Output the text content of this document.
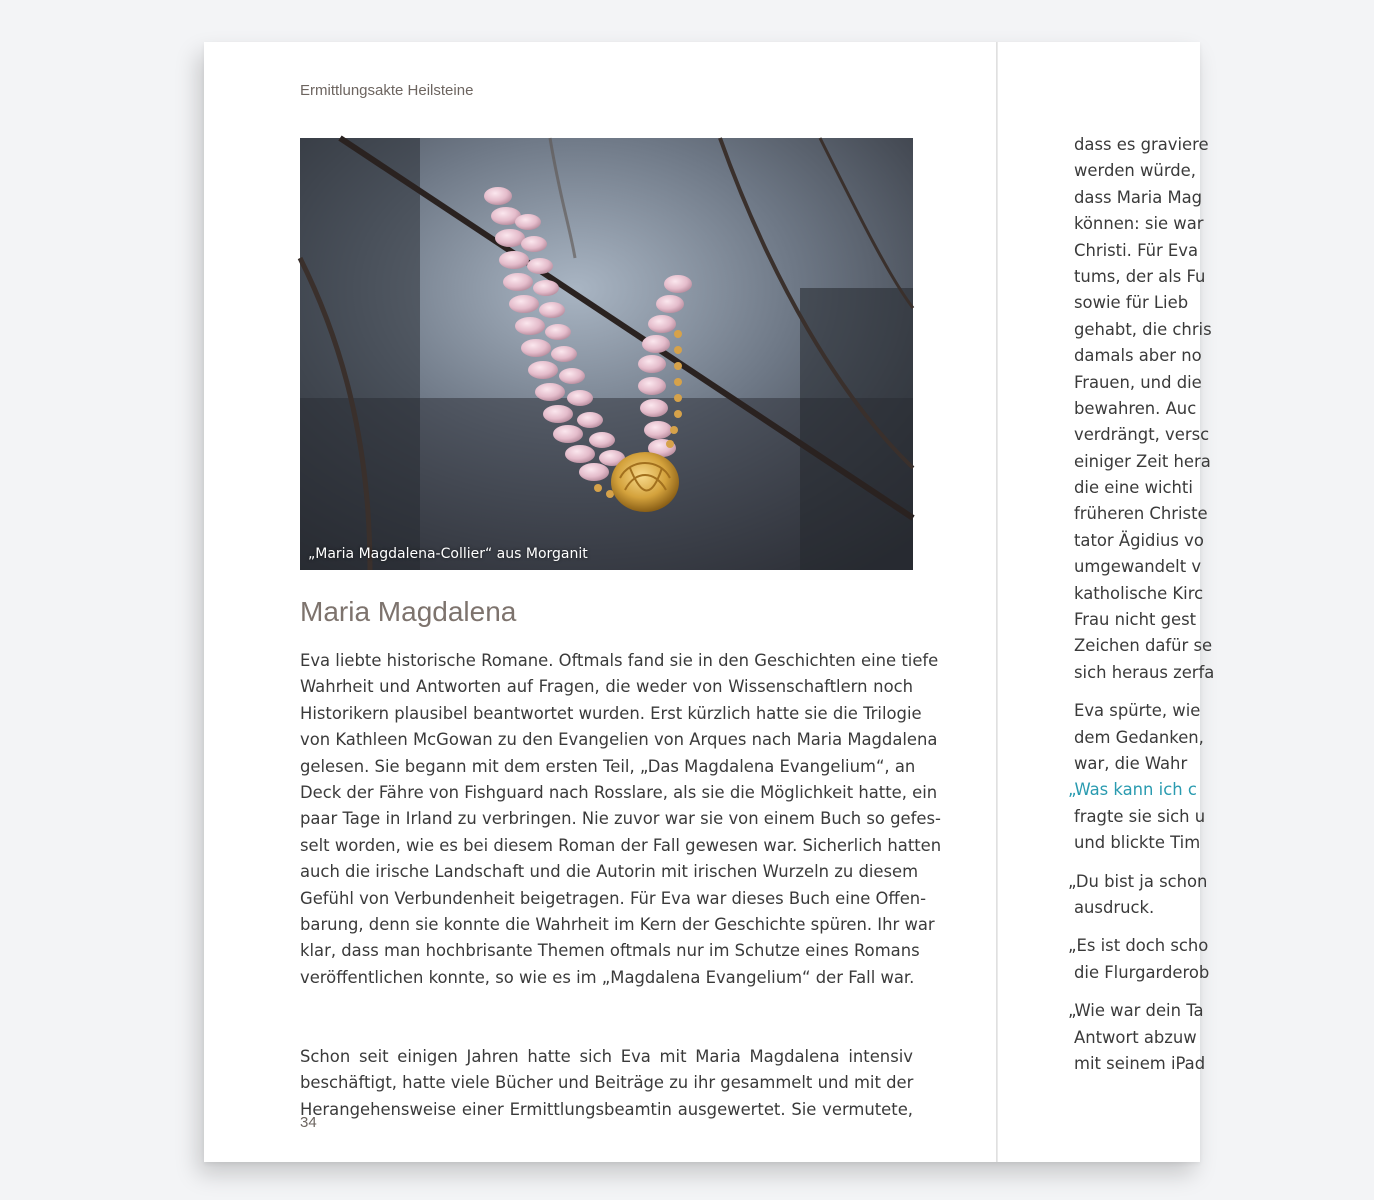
Ermittlungsakte Heilsteine
„Maria Magdalena-Collier“ aus Morganit
Maria Magdalena
Eva liebte historische Romane. Oftmals fand sie in den Geschichten eine tiefe
Wahrheit und Antworten auf Fragen, die weder von Wissenschaftlern noch
Historikern plausibel beantwortet wurden. Erst kürzlich hatte sie die Trilogie
von Kathleen McGowan zu den Evangelien von Arques nach Maria Magdalena
gelesen. Sie begann mit dem ersten Teil, „Das Magdalena Evangelium“, an
Deck der Fähre von Fishguard nach Rosslare, als sie die Möglichkeit hatte, ein
paar Tage in Irland zu verbringen. Nie zuvor war sie von einem Buch so gefes-
selt worden, wie es bei diesem Roman der Fall gewesen war. Sicherlich hatten
auch die irische Landschaft und die Autorin mit irischen Wurzeln zu diesem
Gefühl von Verbundenheit beigetragen. Für Eva war dieses Buch eine Offen-
barung, denn sie konnte die Wahrheit im Kern der Geschichte spüren. Ihr war
klar, dass man hochbrisante Themen oftmals nur im Schutze eines Romans
veröffentlichen konnte, so wie es im „Magdalena Evangelium“ der Fall war.
Schon seit einigen Jahren hatte sich Eva mit Maria Magdalena intensiv
beschäftigt, hatte viele Bücher und Beiträge zu ihr gesammelt und mit der
Herangehensweise einer Ermittlungsbeamtin ausgewertet. Sie vermutete,
34
dass es graviere
werden würde,
dass Maria Mag
können: sie war
Christi. Für Eva
tums, der als Fu
sowie für Lieb
gehabt, die chris
damals aber no
Frauen, und die
bewahren. Auc
verdrängt, versc
einiger Zeit hera
die eine wichti
früheren Christe
tator Ägidius vo
umgewandelt v
katholische Kirc
Frau nicht gest
Zeichen dafür se
sich heraus zerfa
Eva spürte, wie
dem Gedanken,
war, die Wahr
„Was kann ich c
fragte sie sich u
und blickte Tim
„Du bist ja schon
ausdruck.
„Es ist doch scho
die Flurgarderob
„Wie war dein Ta
Antwort abzuw
mit seinem iPad
